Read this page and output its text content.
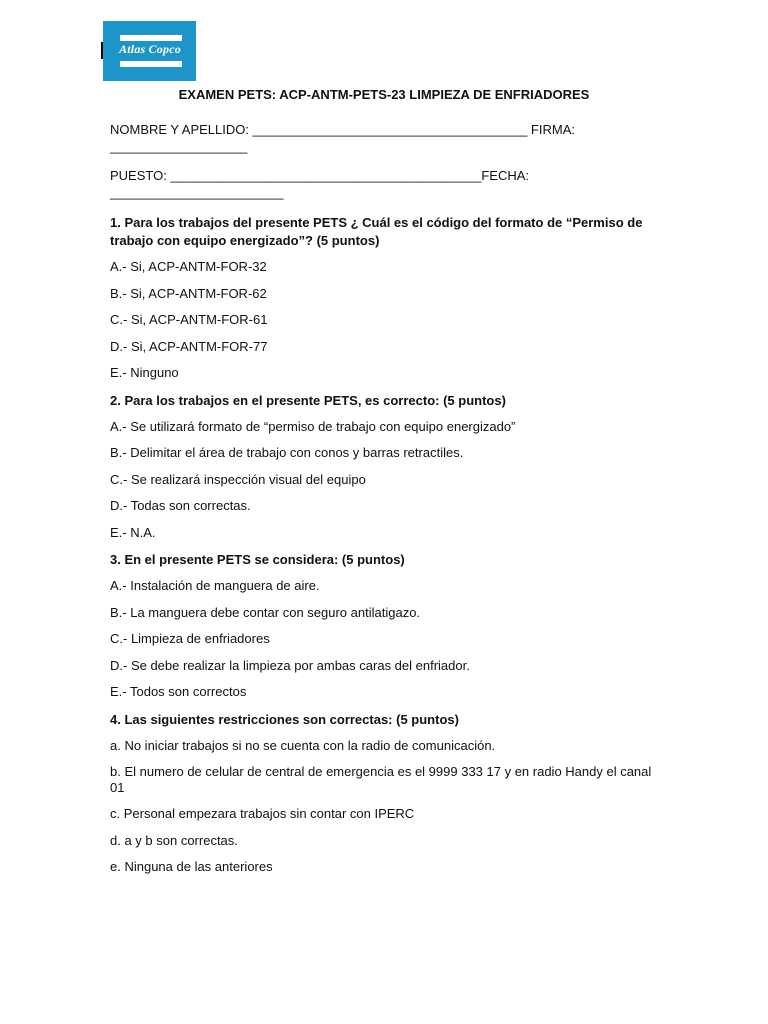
Atlas Copco
EXAMEN PETS: ACP-ANTM-PETS-23 LIMPIEZA DE ENFRIADORES
NOMBRE Y APELLIDO: ______________________________________ FIRMA: ___________________
PUESTO: ___________________________________________FECHA: ________________________
1. Para los trabajos del presente PETS ¿ Cuál es el código del formato de “Permiso de trabajo con equipo energizado”? (5 puntos)
A.- Si, ACP-ANTM-FOR-32
B.- Si, ACP-ANTM-FOR-62
C.- Si, ACP-ANTM-FOR-61
D.- Si, ACP-ANTM-FOR-77
E.- Ninguno
2. Para los trabajos en el presente PETS, es correcto: (5 puntos)
A.- Se utilizará formato de “permiso de trabajo con equipo energizado”
B.- Delimitar el área de trabajo con conos y barras retractiles.
C.- Se realizará inspección visual del equipo
D.- Todas son correctas.
E.- N.A.
3. En el presente PETS se considera: (5 puntos)
A.- Instalación de manguera de aire.
B.- La manguera debe contar con seguro antilatigazo.
C.- Limpieza de enfriadores
D.- Se debe realizar la limpieza por ambas caras del enfriador.
E.- Todos son correctos
4. Las siguientes restricciones son correctas: (5 puntos)
a. No iniciar trabajos si no se cuenta con la radio de comunicación.
b. El numero de celular de central de emergencia es el 9999 333 17 y en radio Handy el canal 01
c. Personal empezara trabajos sin contar con IPERC
d. a y b son correctas.
e. Ninguna de las anteriores
